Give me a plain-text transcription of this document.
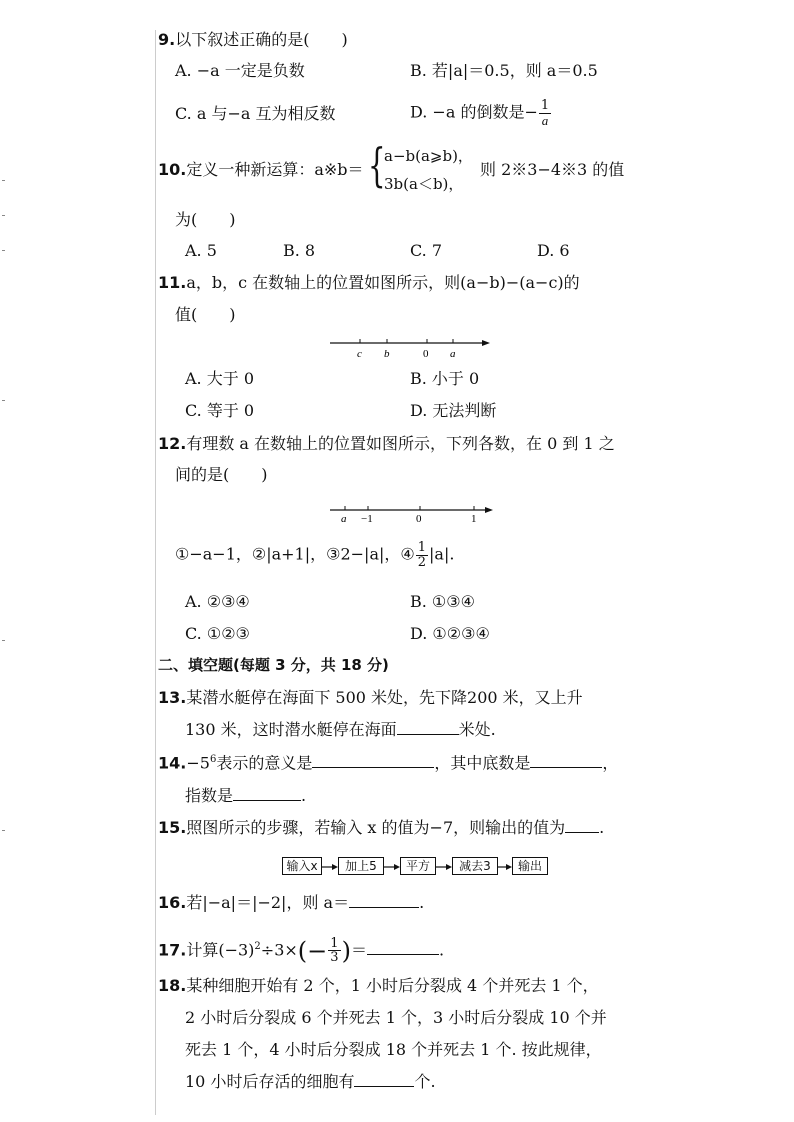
9.以下叙述正确的是(　　)
A. −a 一定是负数	B. 若|a|＝0.5，则 a＝0.5
C. a 与−a 互为相反数	D. −a 的倒数是− $\frac{1}{a}$
10.定义一种新运算：a※b＝ {
a−b(a⩾b)，
3b(a＜b)，
则 2※3−4※3 的值
为(　　)
A. 5	B. 8	C. 7	D. 6
11.a，b，c 在数轴上的位置如图所示，则(a−b)−(a−c)的
值(　　)
c b	0 a
A. 大于 0	B. 小于 0
C. 等于 0	D. 无法判断
12.有理数 a 在数轴上的位置如图所示，下列各数，在 0 到 1 之
间的是(　　)
a −1	0	1
①−a−1，②|a+1|，③2−|a|，④ $\frac{1}{2} |a|$.
A. ②③④	B. ①③④
C. ①②③	D. ①②③④
二、填空题(每题 3 分，共 18 分)
13.某潜水艇停在海面下 500 米处，先下降200 米，又上升
130 米，这时潜水艇停在海面	米处.
$14.-5^6$表示的意义是	，其中底数是	，
指数是	.
15.照图所示的步骤，若输入 x 的值为−7，则输出的值为 .
输入x	加上5	平方	减去3	输出
16.若|−a|＝|−2|，则 a＝	.
17.计算$(-3)^2\div 3\times(- \frac{1}{3}$ )＝	.
18.某种细胞开始有 2 个，1 小时后分裂成 4 个并死去 1 个，
2 小时后分裂成 6 个并死去 1 个，3 小时后分裂成 10 个并
死去 1 个，4 小时后分裂成 18 个并死去 1 个. 按此规律，
10 小时后存活的细胞有	个.
